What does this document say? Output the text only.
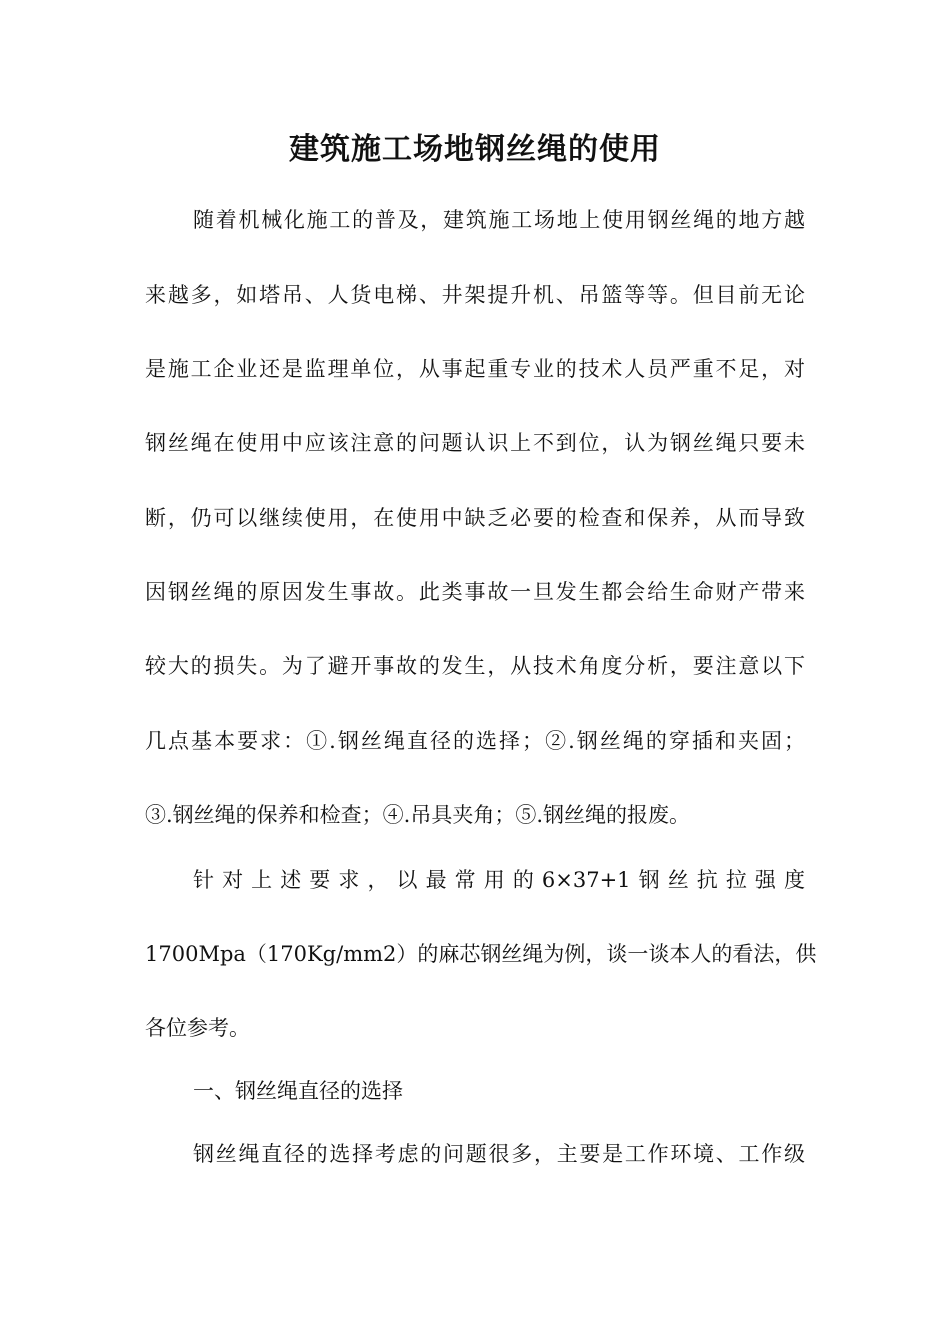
建筑施工场地钢丝绳的使用
随着机械化施工的普及，建筑施工场地上使用钢丝绳的地方越
来越多，如塔吊、人货电梯、井架提升机、吊篮等等。但目前无论
是施工企业还是监理单位，从事起重专业的技术人员严重不足，对
钢丝绳在使用中应该注意的问题认识上不到位，认为钢丝绳只要未
断，仍可以继续使用，在使用中缺乏必要的检查和保养，从而导致
因钢丝绳的原因发生事故。此类事故一旦发生都会给生命财产带来
较大的损失。为了避开事故的发生，从技术角度分析，要注意以下
几点基本要求：①.钢丝绳直径的选择；②.钢丝绳的穿插和夹固；
③.钢丝绳的保养和检查；④.吊具夹角；⑤.钢丝绳的报废。
针对上述要求，以最常用的6×37+1钢丝抗拉强度
1700Mpa（170Kg/mm2）的麻芯钢丝绳为例，谈一谈本人的看法，供
各位参考。
一、钢丝绳直径的选择
钢丝绳直径的选择考虑的问题很多，主要是工作环境、工作级
